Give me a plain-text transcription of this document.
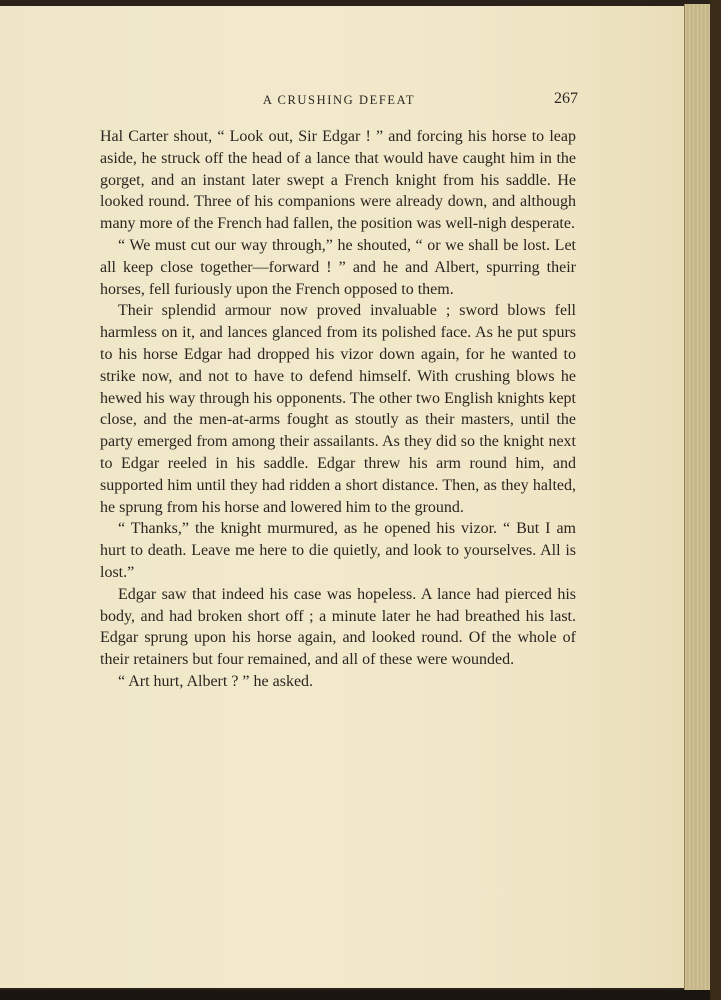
A CRUSHING DEFEAT	267

Hal Carter shout, “ Look out, Sir Edgar ! ” and forcing his horse to leap aside, he struck off the head of a lance that would have caught him in the gorget, and an instant later swept a French knight from his saddle. He looked round. Three of his companions were already down, and although many more of the French had fallen, the position was well-nigh desperate.

“ We must cut our way through,” he shouted, “ or we shall be lost. Let all keep close together—forward ! ” and he and Albert, spurring their horses, fell furiously upon the French opposed to them.

Their splendid armour now proved invaluable ; sword blows fell harmless on it, and lances glanced from its polished face. As he put spurs to his horse Edgar had dropped his vizor down again, for he wanted to strike now, and not to have to defend himself. With crushing blows he hewed his way through his opponents. The other two English knights kept close, and the men-at-arms fought as stoutly as their masters, until the party emerged from among their assailants. As they did so the knight next to Edgar reeled in his saddle. Edgar threw his arm round him, and supported him until they had ridden a short distance. Then, as they halted, he sprung from his horse and lowered him to the ground.

“ Thanks,” the knight murmured, as he opened his vizor. “ But I am hurt to death. Leave me here to die quietly, and look to yourselves. All is lost.”

Edgar saw that indeed his case was hopeless. A lance had pierced his body, and had broken short off ; a minute later he had breathed his last. Edgar sprung upon his horse again, and looked round. Of the whole of their retainers but four remained, and all of these were wounded.

“ Art hurt, Albert ? ” he asked.
